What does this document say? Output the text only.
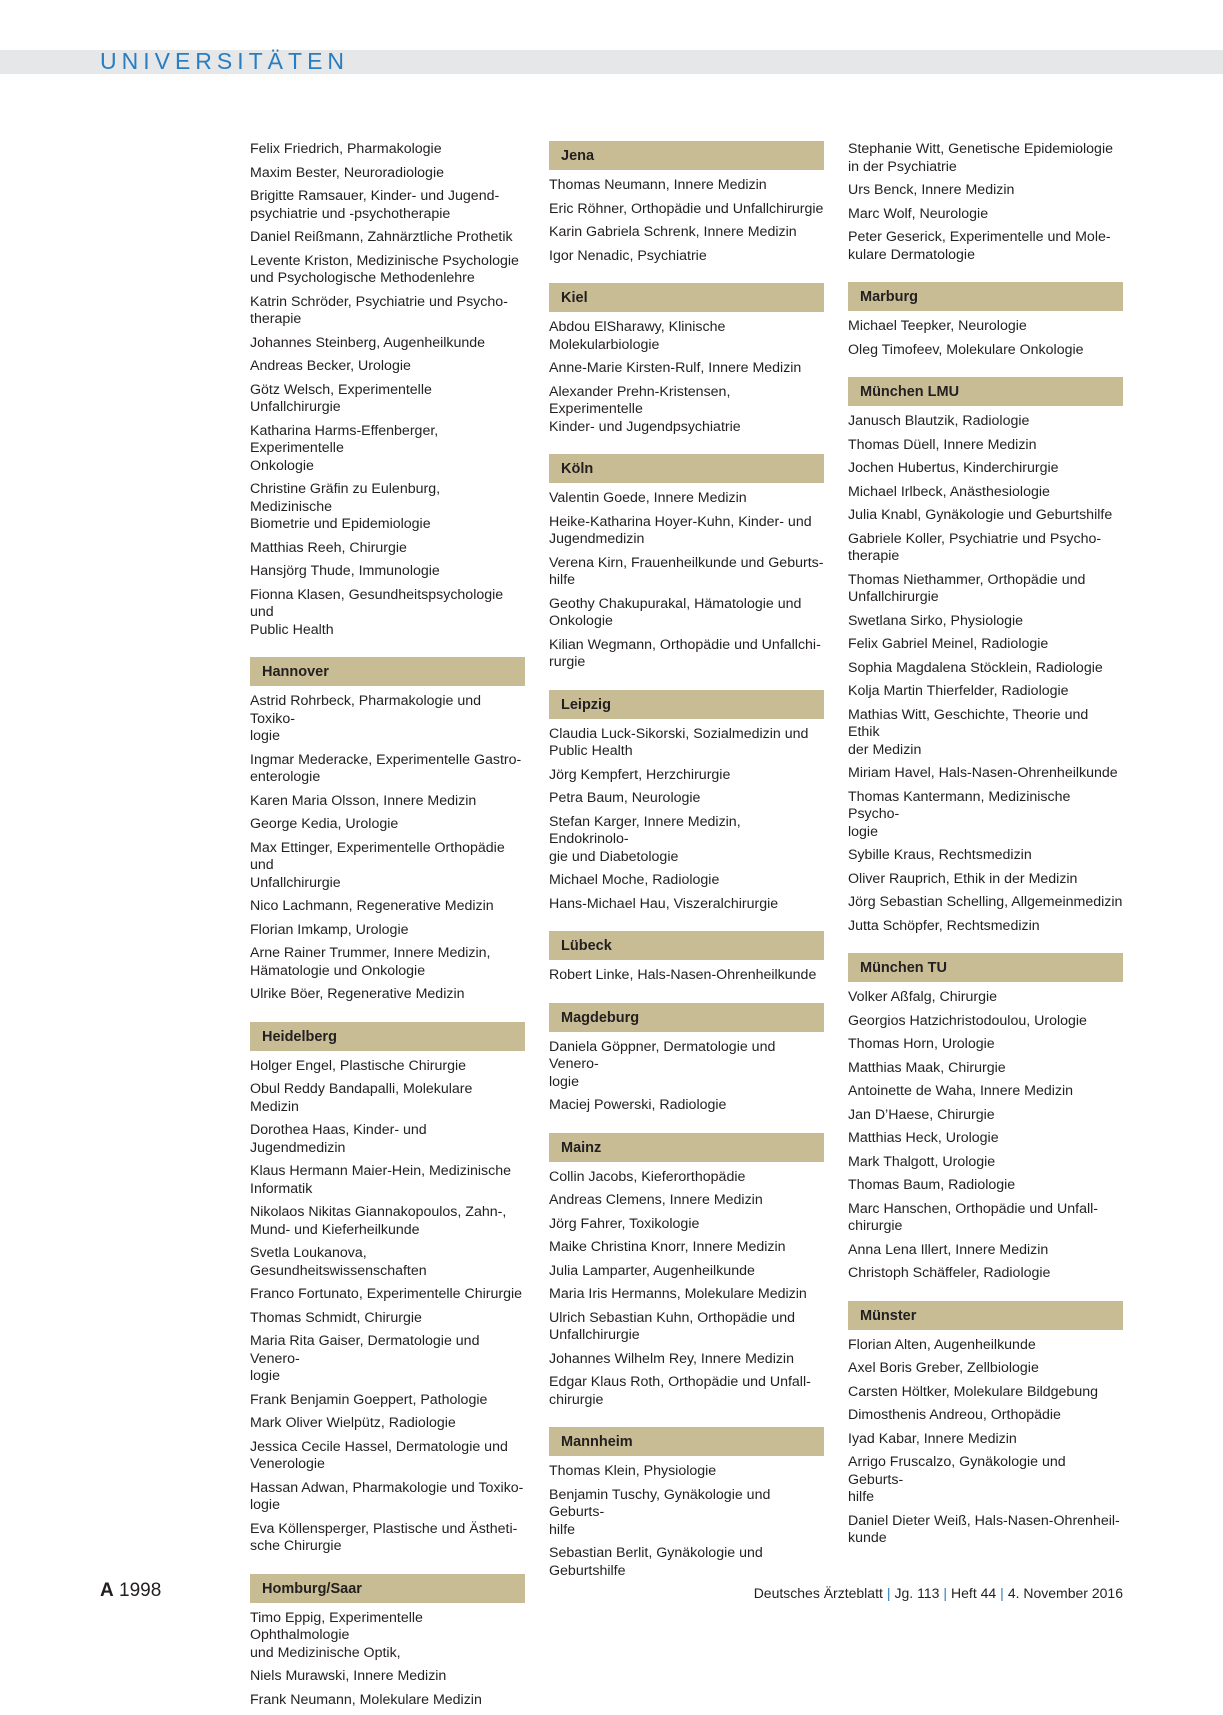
UNIVERSITÄTEN
Felix Friedrich, Pharmakologie
Maxim Bester, Neuroradiologie
Brigitte Ramsauer, Kinder- und Jugend-
psychiatrie und -psychotherapie
Daniel Reißmann, Zahnärztliche Prothetik
Levente Kriston, Medizinische Psychologie
und Psychologische Methodenlehre
Katrin Schröder, Psychiatrie und Psycho-
therapie
Johannes Steinberg, Augenheilkunde
Andreas Becker, Urologie
Götz Welsch, Experimentelle Unfallchirurgie
Katharina Harms-Effenberger, Experimentelle
Onkologie
Christine Gräfin zu Eulenburg, Medizinische
Biometrie und Epidemiologie
Matthias Reeh, Chirurgie
Hansjörg Thude, Immunologie
Fionna Klasen, Gesundheitspsychologie und
Public Health
Hannover
Astrid Rohrbeck, Pharmakologie und Toxiko-
logie
Ingmar Mederacke, Experimentelle Gastro-
enterologie
Karen Maria Olsson, Innere Medizin
George Kedia, Urologie
Max Ettinger, Experimentelle Orthopädie und
Unfallchirurgie
Nico Lachmann, Regenerative Medizin
Florian Imkamp, Urologie
Arne Rainer Trummer, Innere Medizin,
Hämatologie und Onkologie
Ulrike Böer, Regenerative Medizin
Heidelberg
Holger Engel, Plastische Chirurgie
Obul Reddy Bandapalli, Molekulare Medizin
Dorothea Haas, Kinder- und Jugendmedizin
Klaus Hermann Maier-Hein, Medizinische
Informatik
Nikolaos Nikitas Giannakopoulos, Zahn-,
Mund- und Kieferheilkunde
Svetla Loukanova, Gesundheitswissenschaften
Franco Fortunato, Experimentelle Chirurgie
Thomas Schmidt, Chirurgie
Maria Rita Gaiser, Dermatologie und Venero-
logie
Frank Benjamin Goeppert, Pathologie
Mark Oliver Wielpütz, Radiologie
Jessica Cecile Hassel, Dermatologie und
Venerologie
Hassan Adwan, Pharmakologie und Toxiko-
logie
Eva Köllensperger, Plastische und Ästheti-
sche Chirurgie
Homburg/Saar
Timo Eppig, Experimentelle Ophthalmologie
und Medizinische Optik,
Niels Murawski, Innere Medizin
Frank Neumann, Molekulare Medizin
Jena
Thomas Neumann, Innere Medizin
Eric Röhner, Orthopädie und Unfallchirurgie
Karin Gabriela Schrenk, Innere Medizin
Igor Nenadic, Psychiatrie
Kiel
Abdou ElSharawy, Klinische Molekularbiologie
Anne-Marie Kirsten-Rulf, Innere Medizin
Alexander Prehn-Kristensen, Experimentelle
Kinder- und Jugendpsychiatrie
Köln
Valentin Goede, Innere Medizin
Heike-Katharina Hoyer-Kuhn, Kinder- und
Jugendmedizin
Verena Kirn, Frauenheilkunde und Geburts-
hilfe
Geothy Chakupurakal, Hämatologie und
Onkologie
Kilian Wegmann, Orthopädie und Unfallchi-
rurgie
Leipzig
Claudia Luck-Sikorski, Sozialmedizin und
Public Health
Jörg Kempfert, Herzchirurgie
Petra Baum, Neurologie
Stefan Karger, Innere Medizin, Endokrinolo-
gie und Diabetologie
Michael Moche, Radiologie
Hans-Michael Hau, Viszeralchirurgie
Lübeck
Robert Linke, Hals-Nasen-Ohrenheilkunde
Magdeburg
Daniela Göppner, Dermatologie und Venero-
logie
Maciej Powerski, Radiologie
Mainz
Collin Jacobs, Kieferorthopädie
Andreas Clemens, Innere Medizin
Jörg Fahrer, Toxikologie
Maike Christina Knorr, Innere Medizin
Julia Lamparter, Augenheilkunde
Maria Iris Hermanns, Molekulare Medizin
Ulrich Sebastian Kuhn, Orthopädie und
Unfallchirurgie
Johannes Wilhelm Rey, Innere Medizin
Edgar Klaus Roth, Orthopädie und Unfall-
chirurgie
Mannheim
Thomas Klein, Physiologie
Benjamin Tuschy, Gynäkologie und Geburts-
hilfe
Sebastian Berlit, Gynäkologie und Geburtshilfe
Stephanie Witt, Genetische Epidemiologie
in der Psychiatrie
Urs Benck, Innere Medizin
Marc Wolf, Neurologie
Peter Geserick, Experimentelle und Mole-
kulare Dermatologie
Marburg
Michael Teepker, Neurologie
Oleg Timofeev, Molekulare Onkologie
München LMU
Janusch Blautzik, Radiologie
Thomas Düell, Innere Medizin
Jochen Hubertus, Kinderchirurgie
Michael Irlbeck, Anästhesiologie
Julia Knabl, Gynäkologie und Geburtshilfe
Gabriele Koller, Psychiatrie und Psycho-
therapie
Thomas Niethammer, Orthopädie und
Unfallchirurgie
Swetlana Sirko, Physiologie
Felix Gabriel Meinel, Radiologie
Sophia Magdalena Stöcklein, Radiologie
Kolja Martin Thierfelder, Radiologie
Mathias Witt, Geschichte, Theorie und Ethik
der Medizin
Miriam Havel, Hals-Nasen-Ohrenheilkunde
Thomas Kantermann, Medizinische Psycho-
logie
Sybille Kraus, Rechtsmedizin
Oliver Rauprich, Ethik in der Medizin
Jörg Sebastian Schelling, Allgemeinmedizin
Jutta Schöpfer, Rechtsmedizin
München TU
Volker Aßfalg, Chirurgie
Georgios Hatzichristodoulou, Urologie
Thomas Horn, Urologie
Matthias Maak, Chirurgie
Antoinette de Waha, Innere Medizin
Jan D’Haese, Chirurgie
Matthias Heck, Urologie
Mark Thalgott, Urologie
Thomas Baum, Radiologie
Marc Hanschen, Orthopädie und Unfall-
chirurgie
Anna Lena Illert, Innere Medizin
Christoph Schäffeler, Radiologie
Münster
Florian Alten, Augenheilkunde
Axel Boris Greber, Zellbiologie
Carsten Höltker, Molekulare Bildgebung
Dimosthenis Andreou, Orthopädie
Iyad Kabar, Innere Medizin
Arrigo Fruscalzo, Gynäkologie und Geburts-
hilfe
Daniel Dieter Weiß, Hals-Nasen-Ohrenheil-
kunde
A 1998	Deutsches Ärzteblatt | Jg. 113 | Heft 44 | 4. November 2016
